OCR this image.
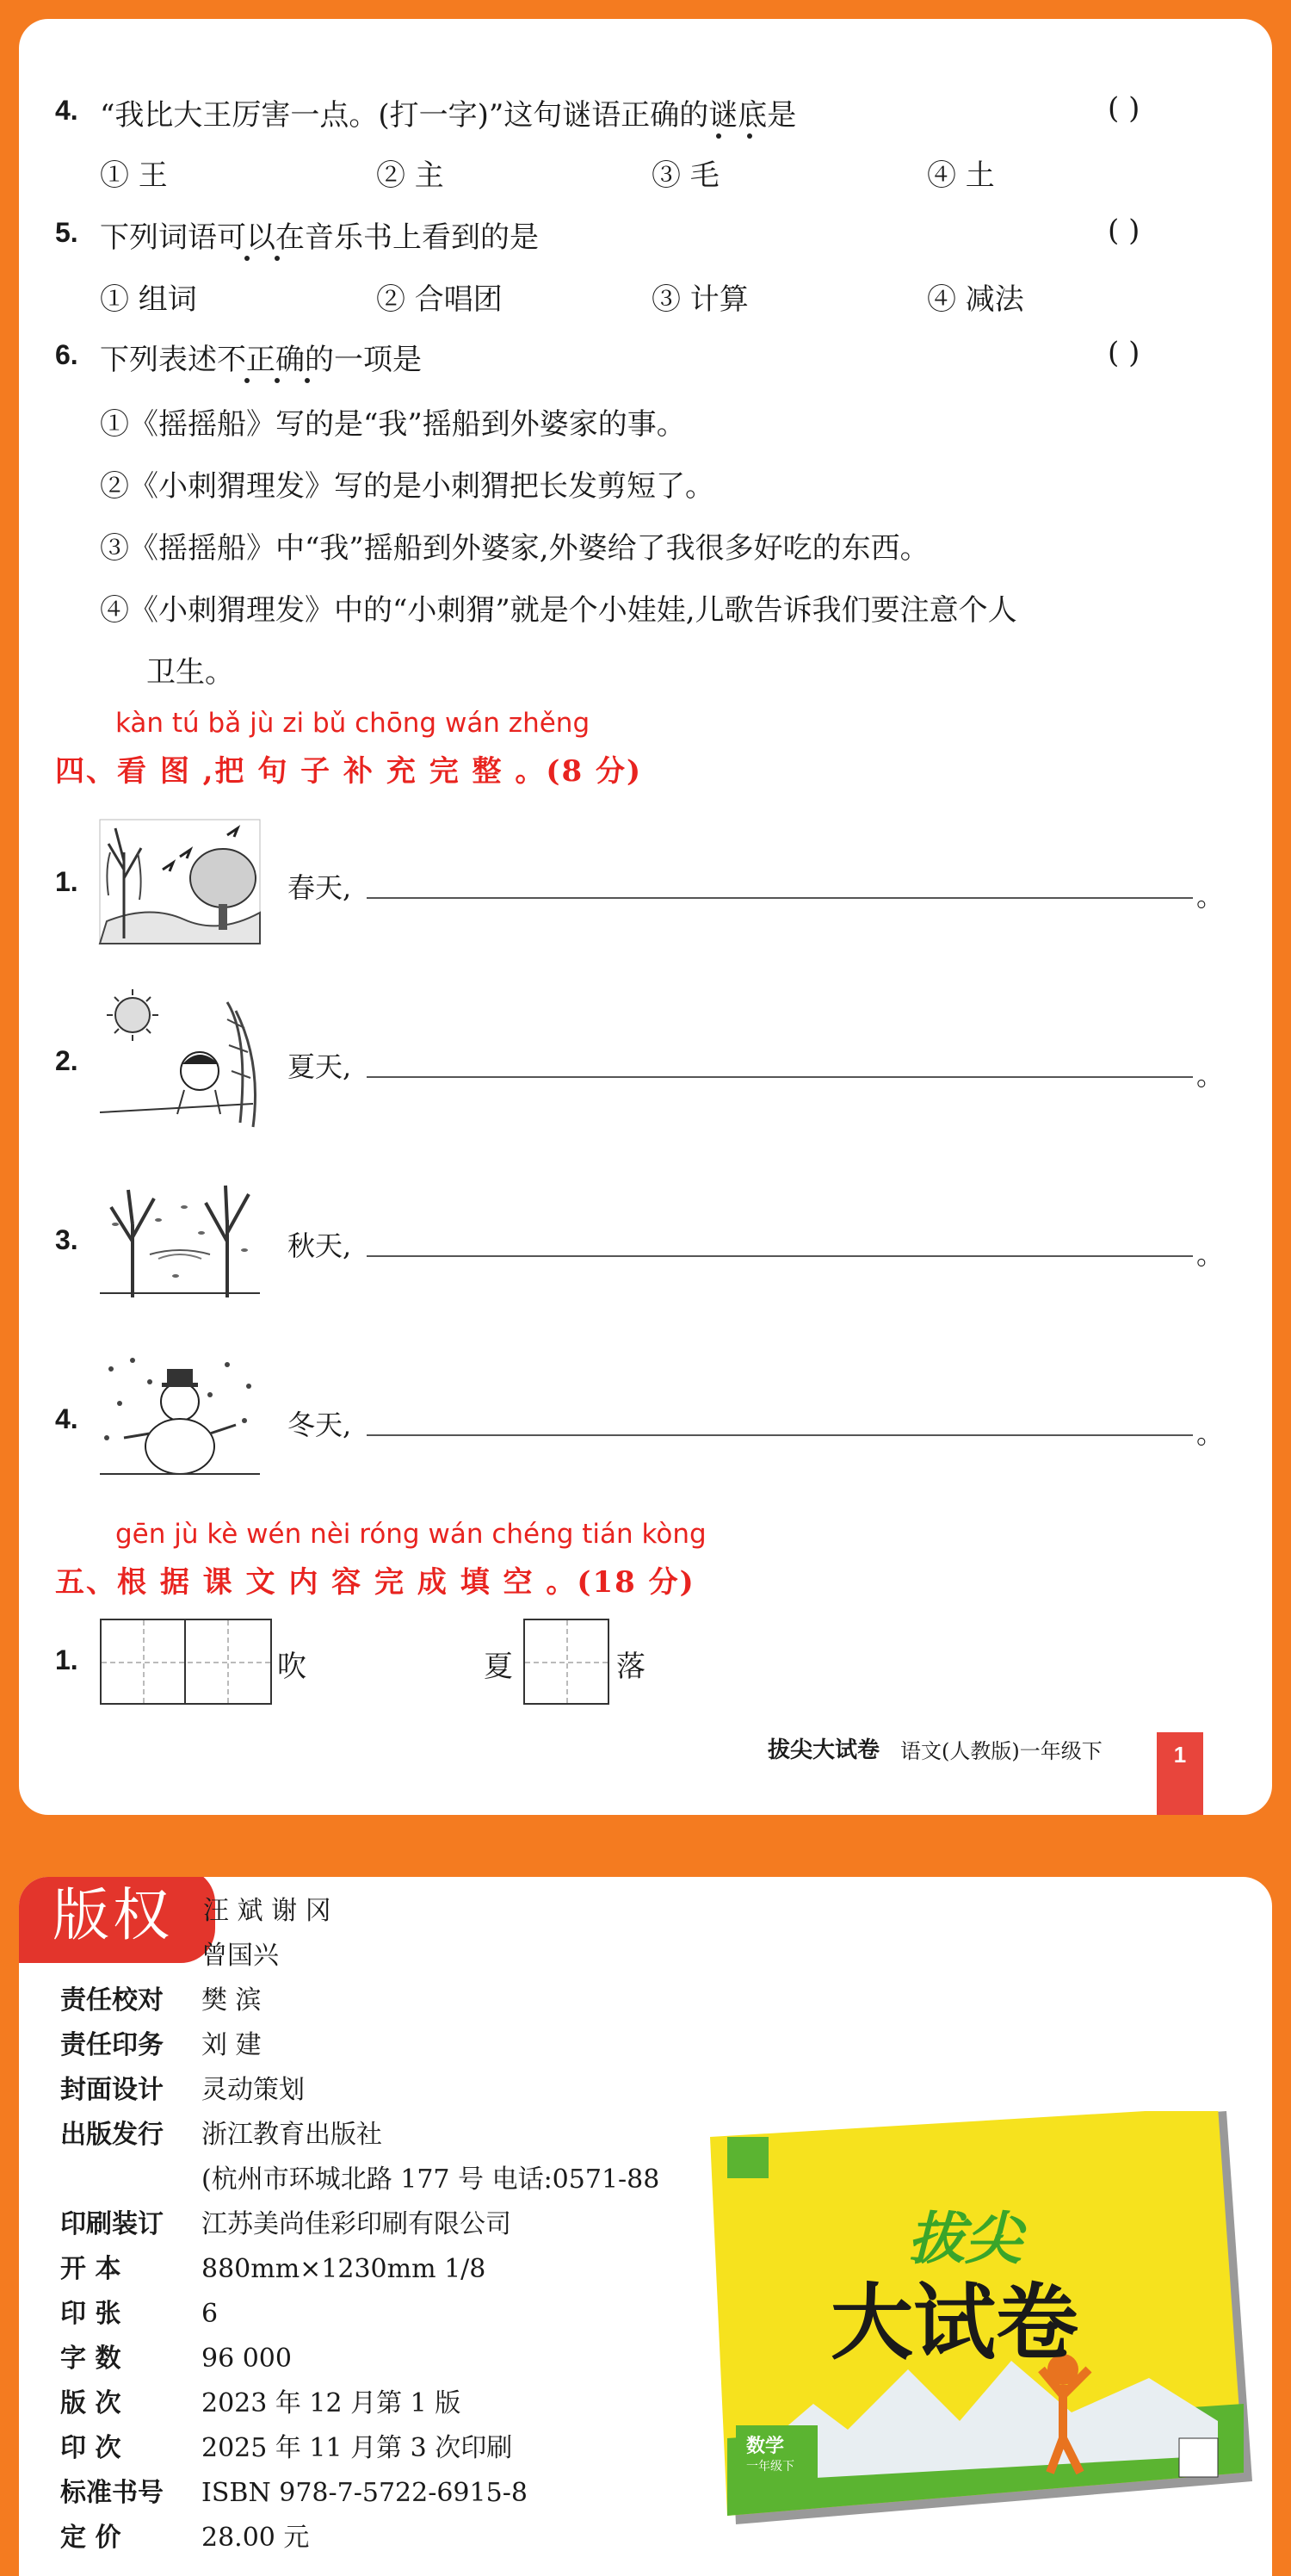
4. “我比大王厉害一点。(打一字)”这句谜语正确的谜底是	( )
① 王	② 主	③ 毛	④ 土
5. 下列词语可以在音乐书上看到的是	( )
① 组词	② 合唱团	③ 计算	④ 减法
6. 下列表述不正确的一项是	( )
①《摇摇船》写的是“我”摇船到外婆家的事。
②《小刺猬理发》写的是小刺猬把长发剪短了。
③《摇摇船》中“我”摇船到外婆家,外婆给了我很多好吃的东西。
④《小刺猬理发》中的“小刺猬”就是个小娃娃,儿歌告诉我们要注意个人
卫生。
kàn tú bǎ jù zi bǔ chōng wán zhěng
四、看 图 ,把 句 子 补 充 完 整 。(8 分)
1.	春天,	。
2.	夏天,	。
3.	秋天,	。
4.	冬天,	。
gēn jù kè wén nèi róng wán chéng tián kòng
五、根 据 课 文 内 容 完 成 填 空 。(18 分)
1.	吹	夏	落
拔尖大试卷 语文(人教版)一年级下	1
版权	汪 斌 谢 冈
曾国兴
责任校对 樊 滨
责任印务 刘 建
封面设计 灵动策划
出版发行 浙江教育出版社
(杭州市环城北路 177 号 电话:0571-88
印刷装订 江苏美尚佳彩印刷有限公司
开 本	880mm×1230mm 1/8
印 张	6
字 数	96 000
版 次	2023 年 12 月第 1 版
印 次	2025 年 11 月第 3 次印刷
标准书号 ISBN 978-7-5722-6915-8
定 价	28.00 元
拔尖
大试卷
数学
一年级下
